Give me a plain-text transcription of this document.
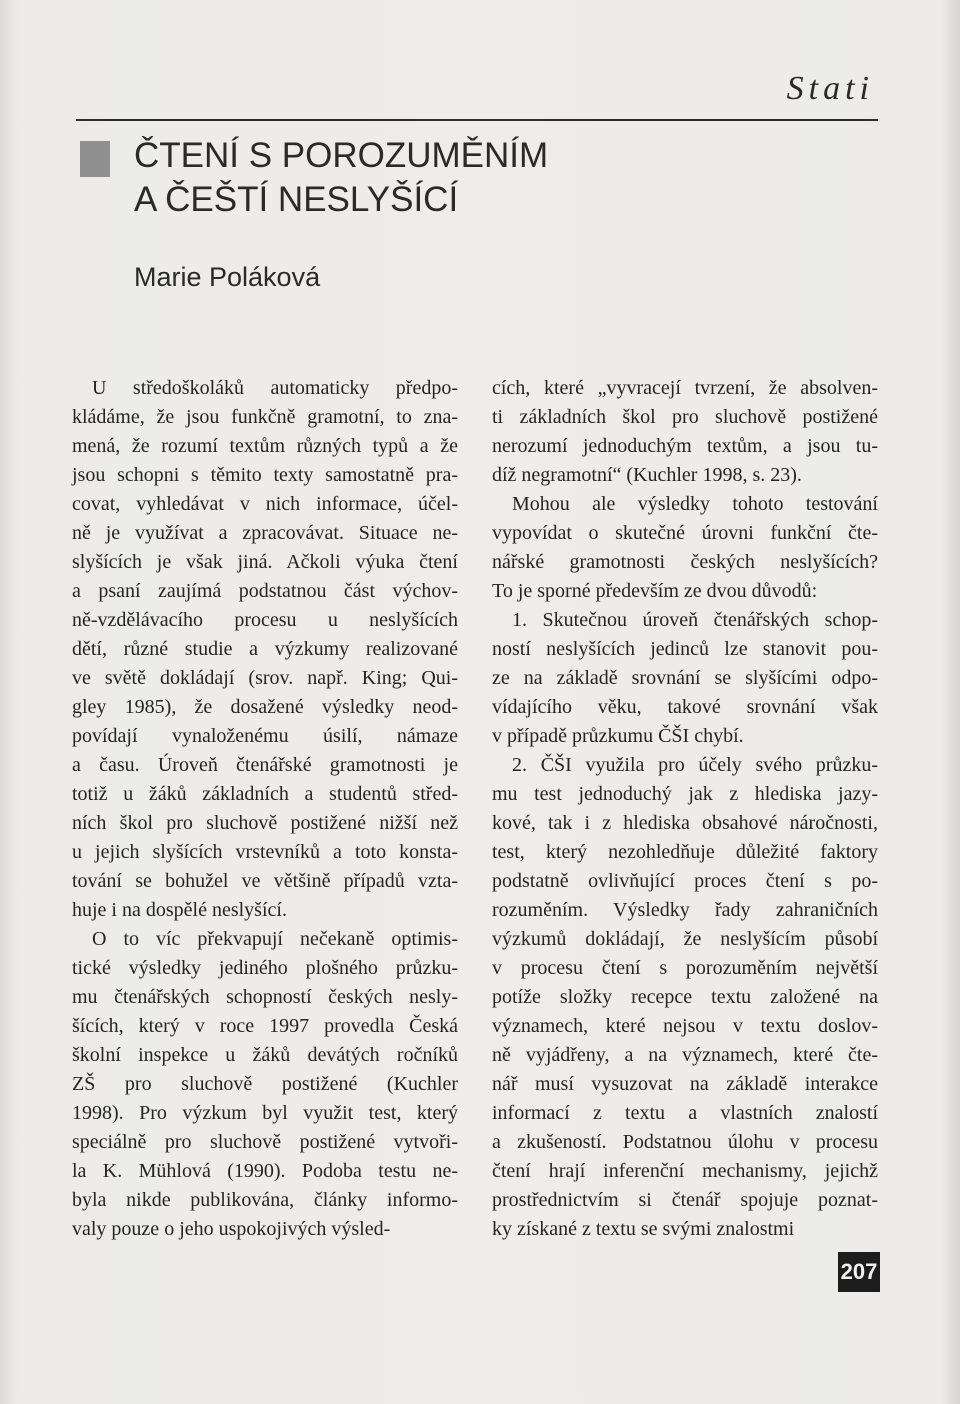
Stati
ČTENÍ S POROZUMĚNÍM
A ČEŠTÍ NESLYŠÍCÍ
Marie Poláková

U středoškoláků automaticky předpo-
kládáme, že jsou funkčně gramotní, to zna-
mená, že rozumí textům různých typů a že
jsou schopni s těmito texty samostatně pra-
covat, vyhledávat v nich informace, účel-
ně je využívat a zpracovávat. Situace ne-
slyšících je však jiná. Ačkoli výuka čtení
a psaní zaujímá podstatnou část výchov-
ně-vzdělávacího procesu u neslyšících
dětí, různé studie a výzkumy realizované
ve světě dokládají (srov. např. King; Qui-
gley 1985), že dosažené výsledky neod-
povídají vynaloženému úsilí, námaze
a času. Úroveň čtenářské gramotnosti je
totiž u žáků základních a studentů střed-
ních škol pro sluchově postižené nižší než
u jejich slyšících vrstevníků a toto konsta-
tování se bohužel ve většině případů vzta-
huje i na dospělé neslyšící.

O to víc překvapují nečekaně optimis-
tické výsledky jediného plošného průzku-
mu čtenářských schopností českých nesly-
šících, který v roce 1997 provedla Česká
školní inspekce u žáků devátých ročníků
ZŠ pro sluchově postižené (Kuchler
1998). Pro výzkum byl využit test, který
speciálně pro sluchově postižené vytvoři-
la K. Mühlová (1990). Podoba testu ne-
byla nikde publikována, články informo-
valy pouze o jeho uspokojivých výsled-

cích, které „vyvracejí tvrzení, že absolven-
ti základních škol pro sluchově postižené
nerozumí jednoduchým textům, a jsou tu-
díž negramotní“ (Kuchler 1998, s. 23).

Mohou ale výsledky tohoto testování
vypovídat o skutečné úrovni funkční čte-
nářské gramotnosti českých neslyšících?
To je sporné především ze dvou důvodů:

1. Skutečnou úroveň čtenářských schop-
ností neslyšících jedinců lze stanovit pou-
ze na základě srovnání se slyšícími odpo-
vídajícího věku, takové srovnání však
v případě průzkumu ČŠI chybí.

2. ČŠI využila pro účely svého průzku-
mu test jednoduchý jak z hlediska jazy-
kové, tak i z hlediska obsahové náročnosti,
test, který nezohledňuje důležité faktory
podstatně ovlivňující proces čtení s po-
rozuměním. Výsledky řady zahraničních
výzkumů dokládají, že neslyšícím působí
v procesu čtení s porozuměním největší
potíže složky recepce textu založené na
významech, které nejsou v textu doslov-
ně vyjádřeny, a na významech, které čte-
nář musí vysuzovat na základě interakce
informací z textu a vlastních znalostí
a zkušeností. Podstatnou úlohu v procesu
čtení hrají inferenční mechanismy, jejichž
prostřednictvím si čtenář spojuje poznat-
ky získané z textu se svými znalostmi

207
